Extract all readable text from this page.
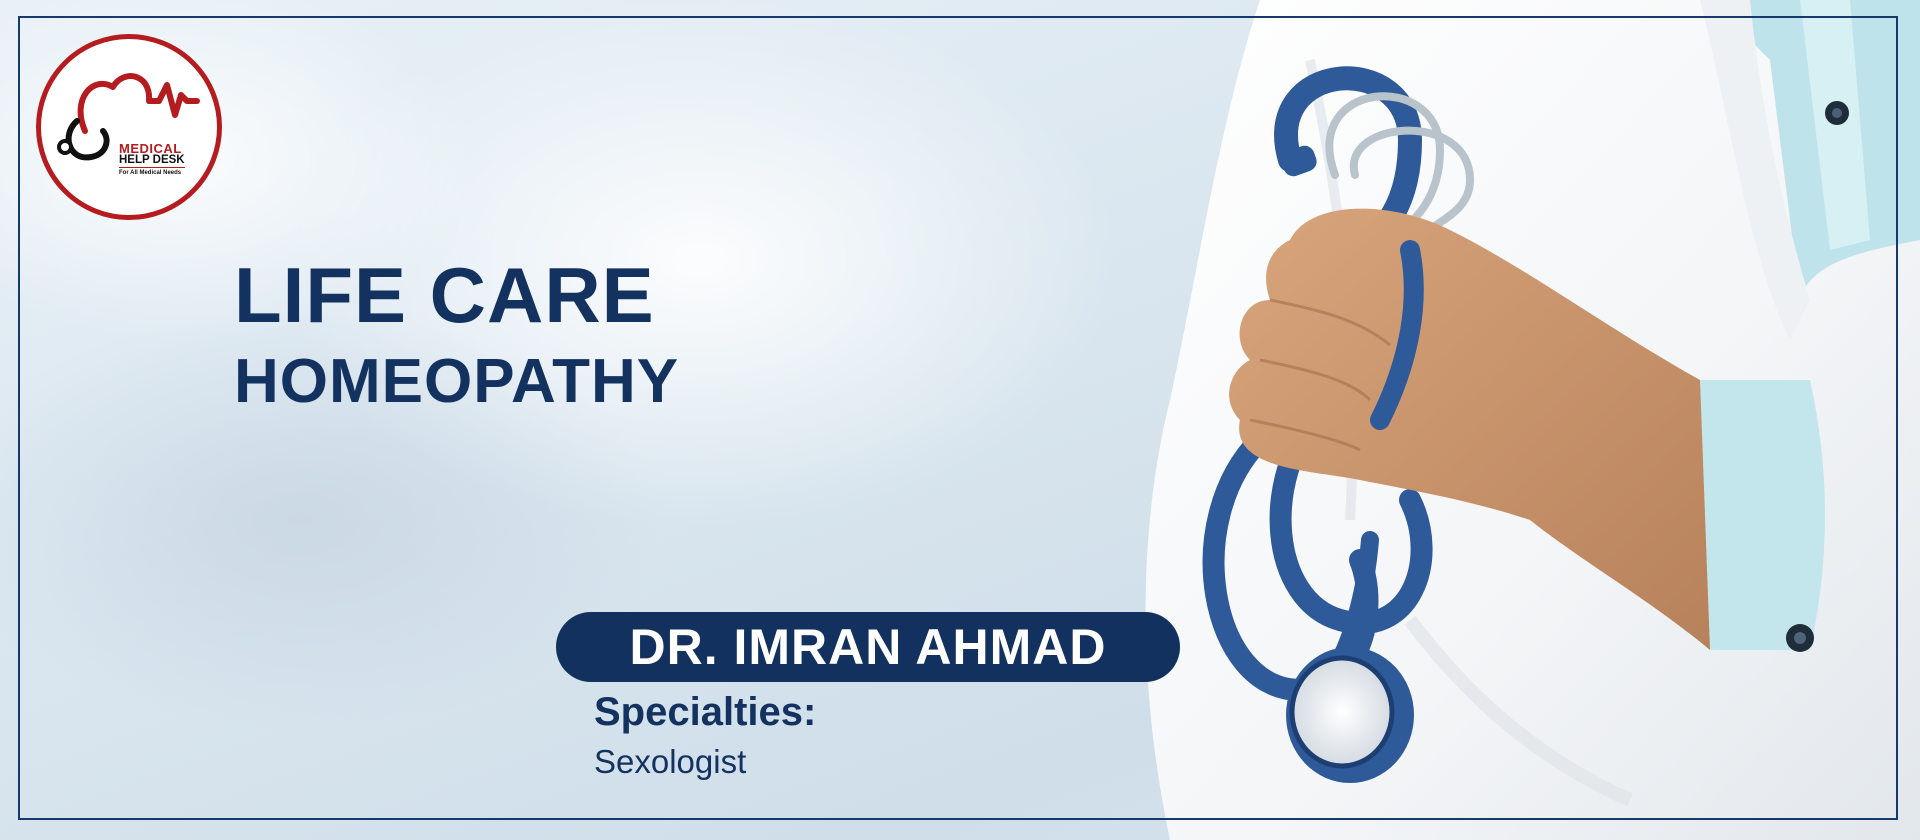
MEDICAL
HELP DESK
For All Medical Needs
LIFE CARE
HOMEOPATHY
DR. IMRAN AHMAD
Specialties:
Sexologist
